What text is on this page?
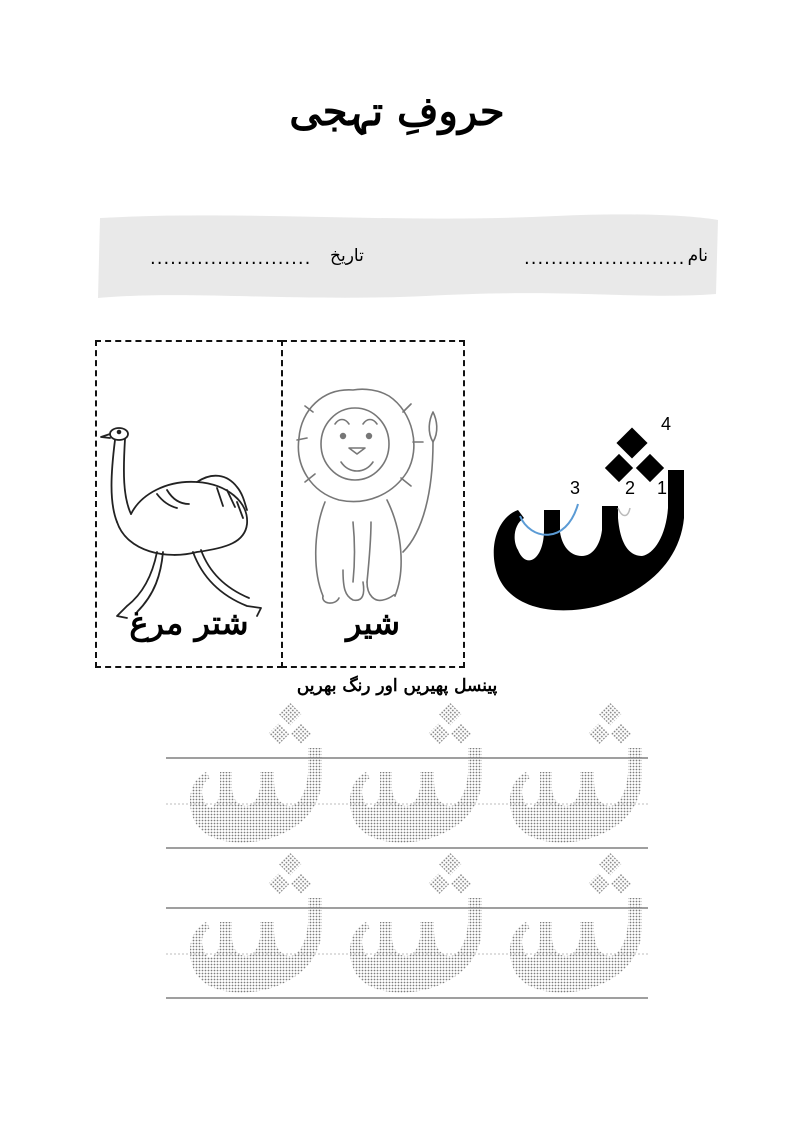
حروفِ تہجی
نام
........................
تاریخ
........................
شتر مرغ	شیر
4
3 2 1
پینسل پھیریں اور رنگ بھریں
